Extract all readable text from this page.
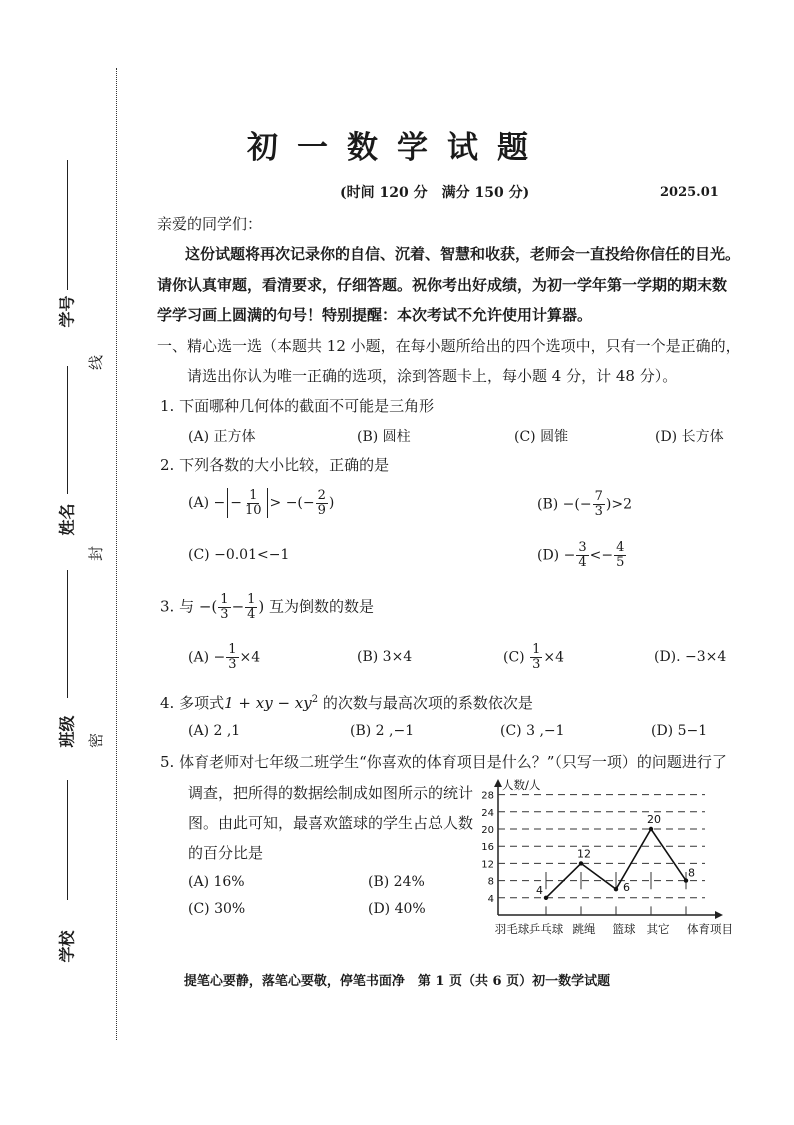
学号
线
姓名
封
班级 密
学校
初一数学试题
(时间 120 分　满分 150 分)	2025.01
亲爱的同学们：
这份试题将再次记录你的自信、沉着、智慧和收获，老师会一直投给你信任的目光。
请你认真审题，看清要求，仔细答题。祝你考出好成绩，为初一学年第一学期的期末数
学学习画上圆满的句号！特别提醒：本次考试不允许使用计算器。
一、精心选一选（本题共 12 小题，在每小题所给出的四个选项中，只有一个是正确的，
请选出你认为唯一正确的选项，涂到答题卡上，每小题 4 分，计 48 分）。
1. 下面哪种几何体的截面不可能是三角形
(A) 正方体	(B) 圆柱	(C) 圆锥	(D) 长方体
2. 下列各数的大小比较，正确的是
(A) − − $\frac{1}{10}$ > −(− $\frac{2}{9}$ )	(B) −(− $\frac{7}{3} )>2$
(C) −0.01<−1	$(D) - \frac{3}{4} <- \frac{4}{5}$
3. 与 −( $\frac{1}{3} - \frac{1}{4}$ ) 互为倒数的数是
$(A) - \frac{1}{3} \times 4$	(B) 3×4	$(C) \frac{1}{3} \times 4$	(D). −3×4
4. 多项式1 + xy − $xy^2$ 的次数与最高次项的系数依次是
(A) 2 ,1	(B) 2 ,−1	(C) 3 ,−1	(D) 5−1
5. 体育老师对七年级二班学生“你喜欢的体育项目是什么？”（只写一项）的问题进行了
调查，把所得的数据绘制成如图所示的统计
图。由此可知，最喜欢篮球的学生占总人数
的百分比是
(A) 16%	(B) 24%
(C) 30%	(D) 40%
4
8
12
16
20
24
28
4
12
6
20
8
羽毛球 乒乓球 跳绳 篮球 其它
人数/人
体育项目
提笔心要静，落笔心要敬，停笔书面净　第 1 页（共 6 页）初一数学试题
